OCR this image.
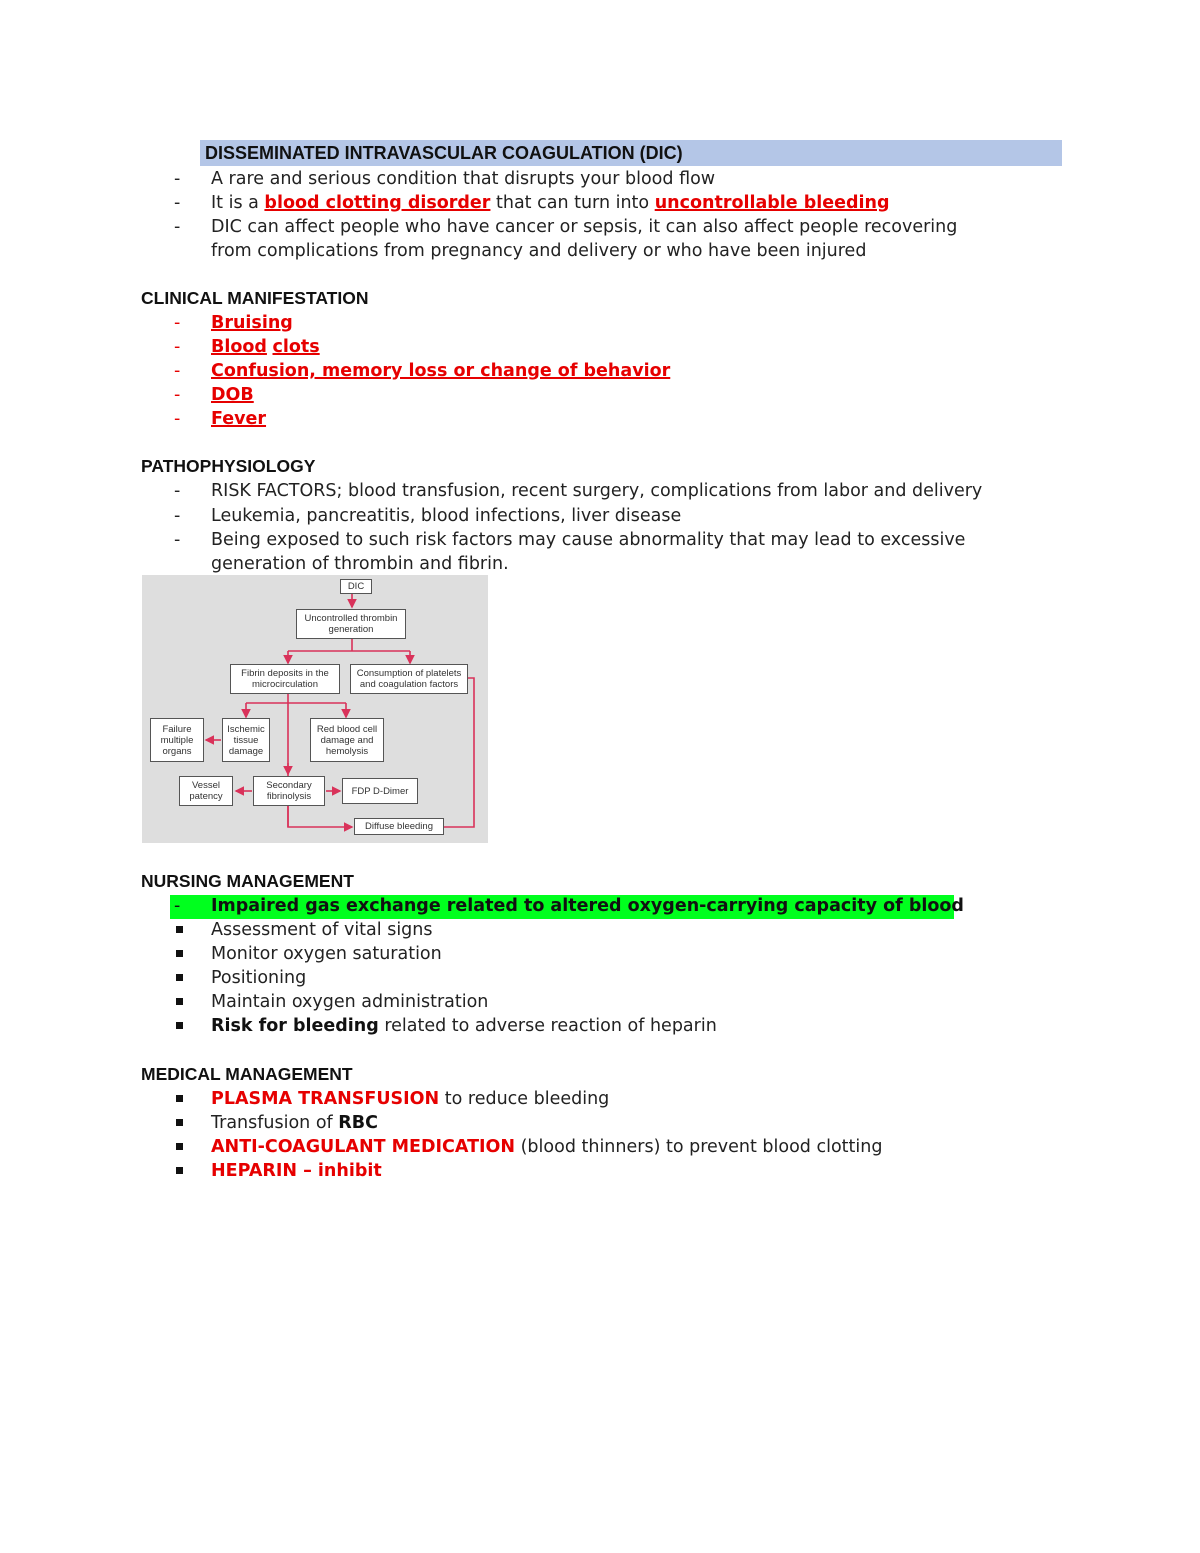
DISSEMINATED INTRAVASCULAR COAGULATION (DIC)
- A rare and serious condition that disrupts your blood flow
- It is a blood clotting disorder that can turn into uncontrollable bleeding
- DIC can affect people who have cancer or sepsis, it can also affect people recovering
from complications from pregnancy and delivery or who have been injured
CLINICAL MANIFESTATION
- Bruising
- Blood clots
- Confusion, memory loss or change of behavior
- DOB
- Fever
PATHOPHYSIOLOGY
- RISK FACTORS; blood transfusion, recent surgery, complications from labor and delivery
- Leukemia, pancreatitis, blood infections, liver disease
- Being exposed to such risk factors may cause abnormality that may lead to excessive
generation of thrombin and fibrin.
DIC
Uncontrolled thrombin generation
Fibrin deposits in the microcirculation
Consumption of platelets and coagulation factors
Failure multiple organs
Ischemic tissue damage
Red blood cell damage and hemolysis
Vessel patency
Secondary fibrinolysis	FDP D-Dimer
Diffuse bleeding
NURSING MANAGEMENT
- Impaired gas exchange related to altered oxygen-carrying capacity of blood
Assessment of vital signs
Monitor oxygen saturation
Positioning
Maintain oxygen administration
Risk for bleeding related to adverse reaction of heparin
MEDICAL MANAGEMENT
PLASMA TRANSFUSION to reduce bleeding
Transfusion of RBC
ANTI-COAGULANT MEDICATION (blood thinners) to prevent blood clotting
HEPARIN – inhibit
